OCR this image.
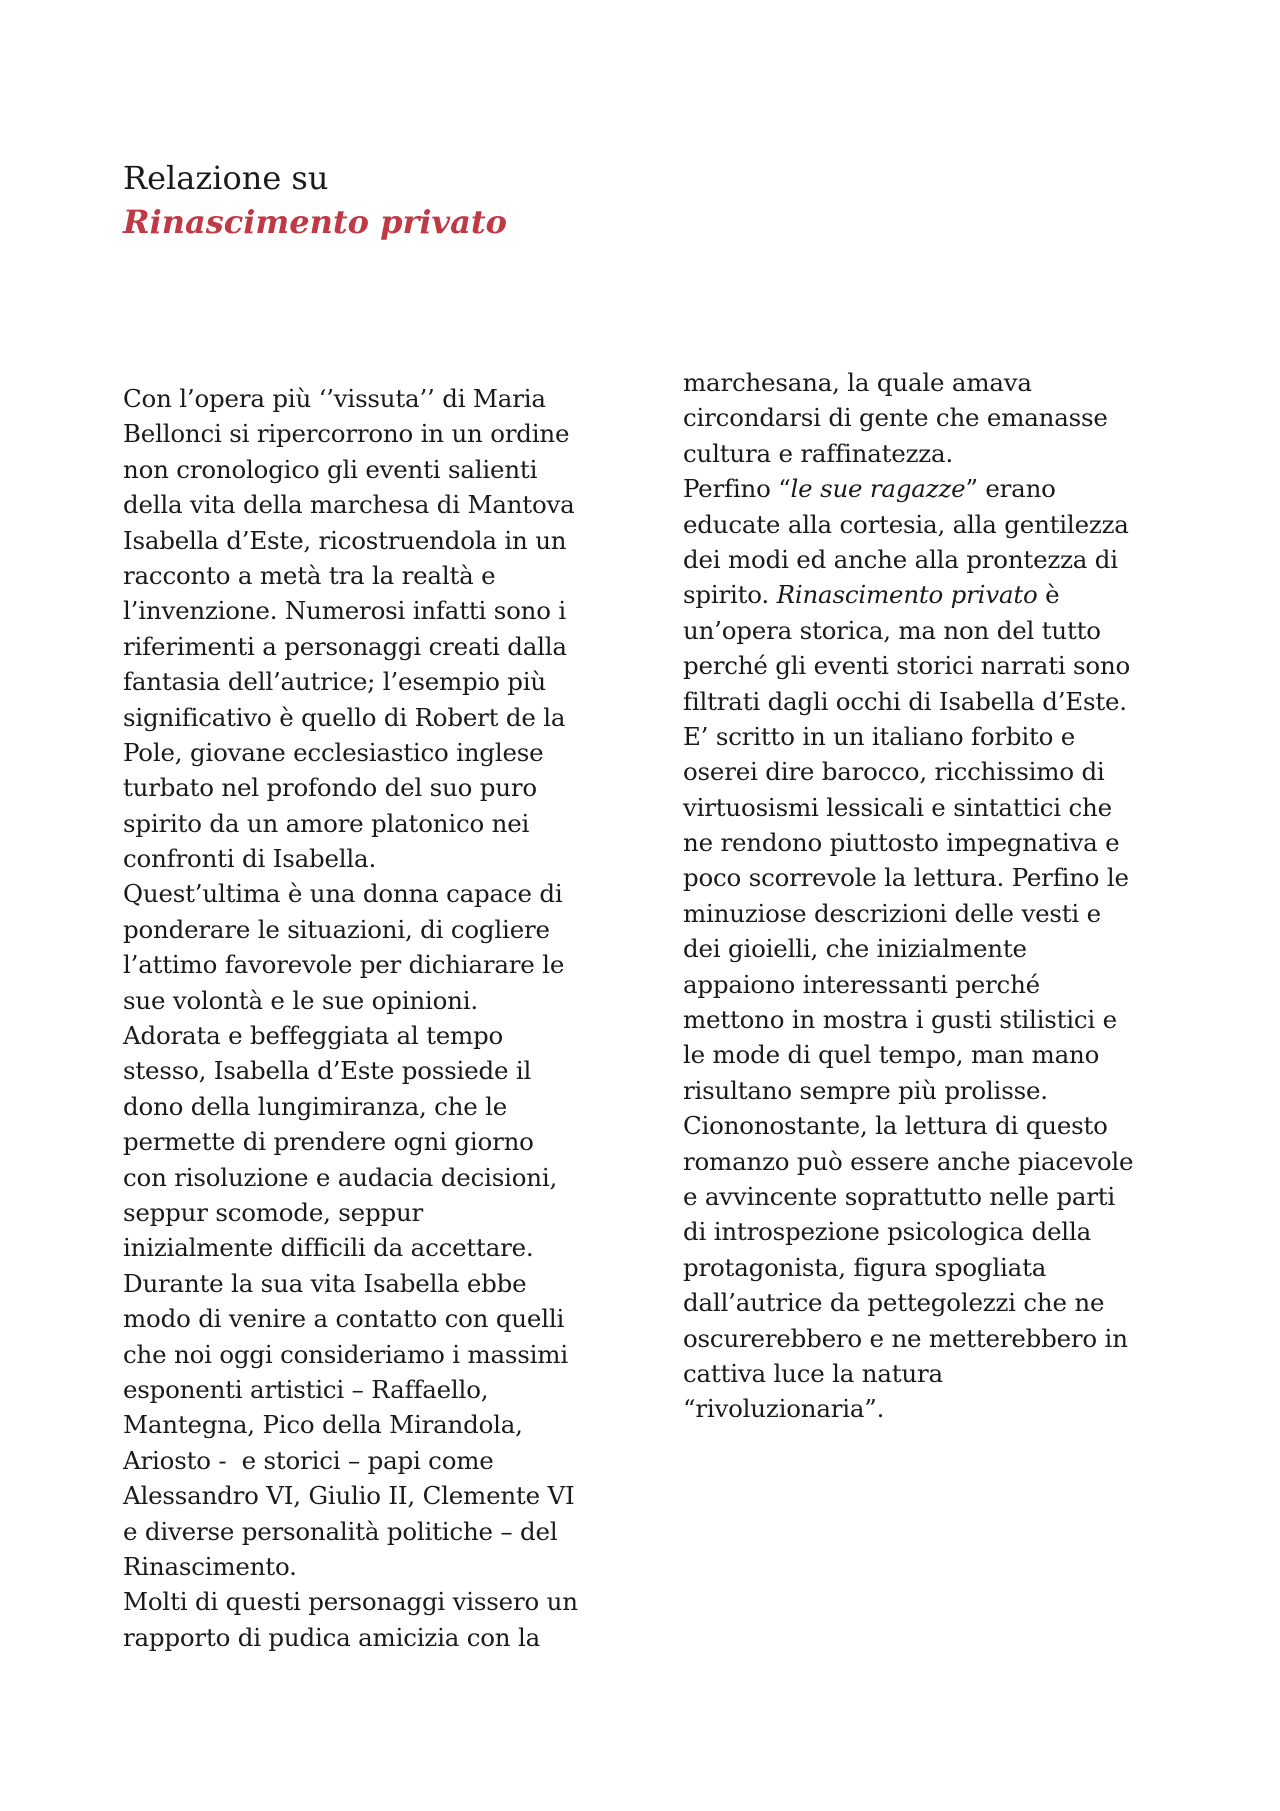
Relazione su
Rinascimento privato
Con l’opera più ‘’vissuta’’ di Maria
Bellonci si ripercorrono in un ordine
non cronologico gli eventi salienti
della vita della marchesa di Mantova
Isabella d’Este, ricostruendola in un
racconto a metà tra la realtà e
l’invenzione. Numerosi infatti sono i
riferimenti a personaggi creati dalla
fantasia dell’autrice; l’esempio più
significativo è quello di Robert de la
Pole, giovane ecclesiastico inglese
turbato nel profondo del suo puro
spirito da un amore platonico nei
confronti di Isabella.
Quest’ultima è una donna capace di
ponderare le situazioni, di cogliere
l’attimo favorevole per dichiarare le
sue volontà e le sue opinioni.
Adorata e beffeggiata al tempo
stesso, Isabella d’Este possiede il
dono della lungimiranza, che le
permette di prendere ogni giorno
con risoluzione e audacia decisioni,
seppur scomode, seppur
inizialmente difficili da accettare.
Durante la sua vita Isabella ebbe
modo di venire a contatto con quelli
che noi oggi consideriamo i massimi
esponenti artistici – Raffaello,
Mantegna, Pico della Mirandola,
Ariosto -  e storici – papi come
Alessandro VI, Giulio II, Clemente VI
e diverse personalità politiche – del
Rinascimento.
Molti di questi personaggi vissero un
rapporto di pudica amicizia con la
marchesana, la quale amava
circondarsi di gente che emanasse
cultura e raffinatezza.
Perfino “le sue ragazze” erano
educate alla cortesia, alla gentilezza
dei modi ed anche alla prontezza di
spirito. Rinascimento privato è
un’opera storica, ma non del tutto
perché gli eventi storici narrati sono
filtrati dagli occhi di Isabella d’Este.
E’ scritto in un italiano forbito e
oserei dire barocco, ricchissimo di
virtuosismi lessicali e sintattici che
ne rendono piuttosto impegnativa e
poco scorrevole la lettura. Perfino le
minuziose descrizioni delle vesti e
dei gioielli, che inizialmente
appaiono interessanti perché
mettono in mostra i gusti stilistici e
le mode di quel tempo, man mano
risultano sempre più prolisse.
Ciononostante, la lettura di questo
romanzo può essere anche piacevole
e avvincente soprattutto nelle parti
di introspezione psicologica della
protagonista, figura spogliata
dall’autrice da pettegolezzi che ne
oscurerebbero e ne metterebbero in
cattiva luce la natura
“rivoluzionaria”.
